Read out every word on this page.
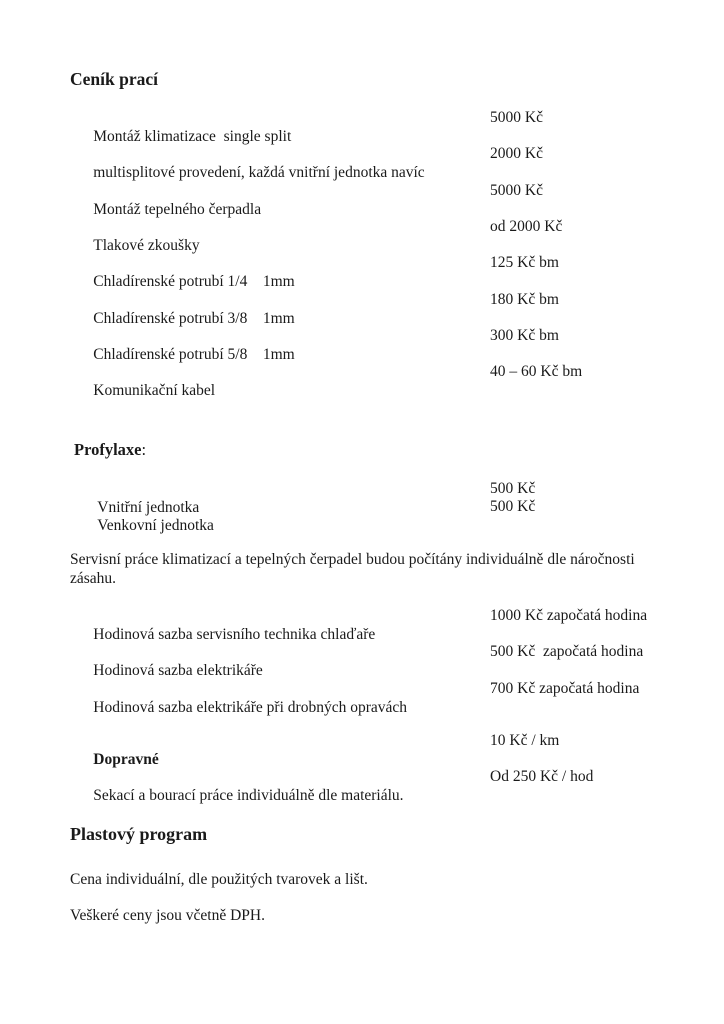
Ceník prací

Montáž klimatizace  single split

5000 Kč

multisplitové provedení, každá vnitřní jednotka navíc

2000 Kč

Montáž tepelného čerpadla

5000 Kč

Tlakové zkoušky

od 2000 Kč

Chladírenské potrubí 1/4    1mm

125 Kč bm

Chladírenské potrubí 3/8    1mm

180 Kč bm

Chladírenské potrubí 5/8    1mm

300 Kč bm

Komunikační kabel

40 – 60 Kč bm

Profylaxe:

Vnitřní jednotka

500 Kč

Venkovní jednotka

500 Kč

Servisní práce klimatizací a tepelných čerpadel budou počítány individuálně dle náročnosti zásahu.

Hodinová sazba servisního technika chlaďaře

1000 Kč započatá hodina

Hodinová sazba elektrikáře

500 Kč  započatá hodina

Hodinová sazba elektrikáře při drobných opravách

700 Kč započatá hodina

Dopravné

10 Kč / km

Sekací a bourací práce individuálně dle materiálu.

Od 250 Kč / hod

Plastový program

Cena individuální, dle použitých tvarovek a lišt.

Veškeré ceny jsou včetně DPH.
